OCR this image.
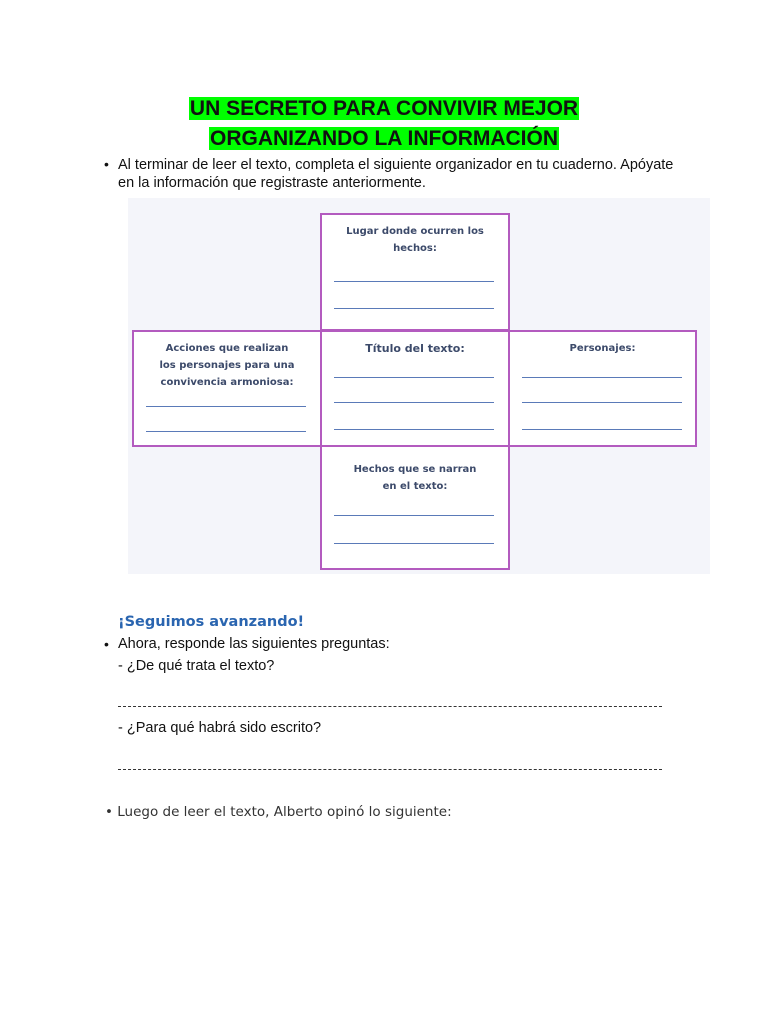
UN SECRETO PARA CONVIVIR MEJOR
ORGANIZANDO LA INFORMACIÓN
• Al terminar de leer el texto, completa el siguiente organizador en tu cuaderno. Apóyate en la información que registraste anteriormente.
Lugar donde ocurren los hechos:
Acciones que realizan los personajes para una convivencia armoniosa:
Título del texto:	Personajes:
Hechos que se narran en el texto:
¡Seguimos avanzando!
• Ahora, responde las siguientes preguntas:
- ¿De qué trata el texto?
- ¿Para qué habrá sido escrito?
• Luego de leer el texto, Alberto opinó lo siguiente:
